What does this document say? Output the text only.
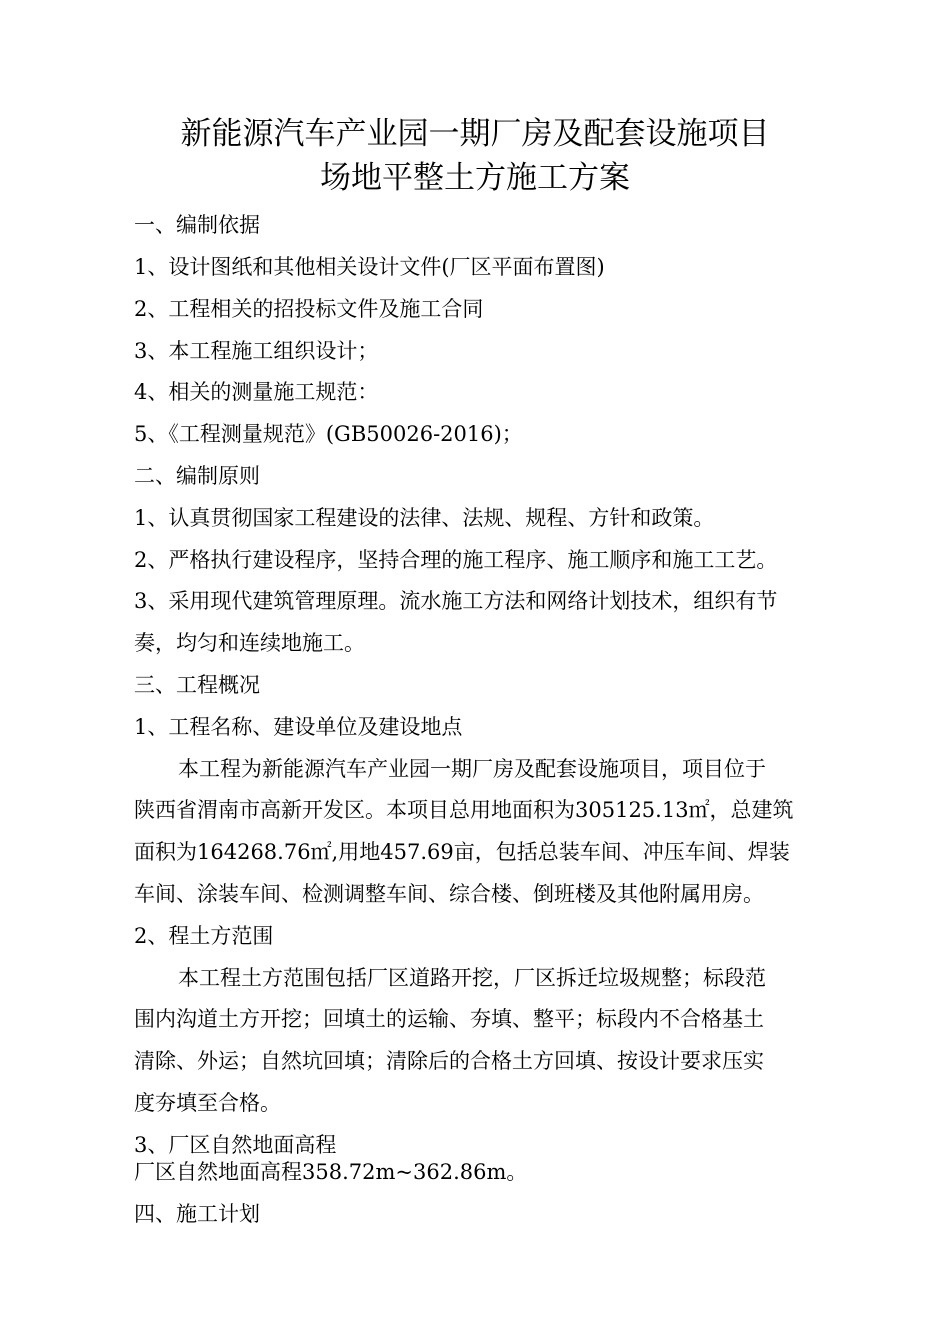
新能源汽车产业园一期厂房及配套设施项目
场地平整土方施工方案
一、编制依据
1、设计图纸和其他相关设计文件(厂区平面布置图)
2、工程相关的招投标文件及施工合同
3、本工程施工组织设计；
4、相关的测量施工规范：
5、《工程测量规范》(GB50026-2016)；
二、编制原则
1、认真贯彻国家工程建设的法律、法规、规程、方针和政策。
2、严格执行建设程序，坚持合理的施工程序、施工顺序和施工工艺。
3、采用现代建筑管理原理。流水施工方法和网络计划技术，组织有节
奏，均匀和连续地施工。
三、工程概况
1、工程名称、建设单位及建设地点
本工程为新能源汽车产业园一期厂房及配套设施项目，项目位于
陕西省渭南市高新开发区。本项目总用地面积为305125.13㎡，总建筑
面积为164268.76㎡,用地457.69亩，包括总装车间、冲压车间、焊装
车间、涂装车间、检测调整车间、综合楼、倒班楼及其他附属用房。
2、程土方范围
本工程土方范围包括厂区道路开挖，厂区拆迁垃圾规整；标段范
围内沟道土方开挖；回填土的运输、夯填、整平；标段内不合格基土
清除、外运；自然坑回填；清除后的合格土方回填、按设计要求压实
度夯填至合格。
3、厂区自然地面高程
厂区自然地面高程358.72m~362.86m。
四、施工计划
